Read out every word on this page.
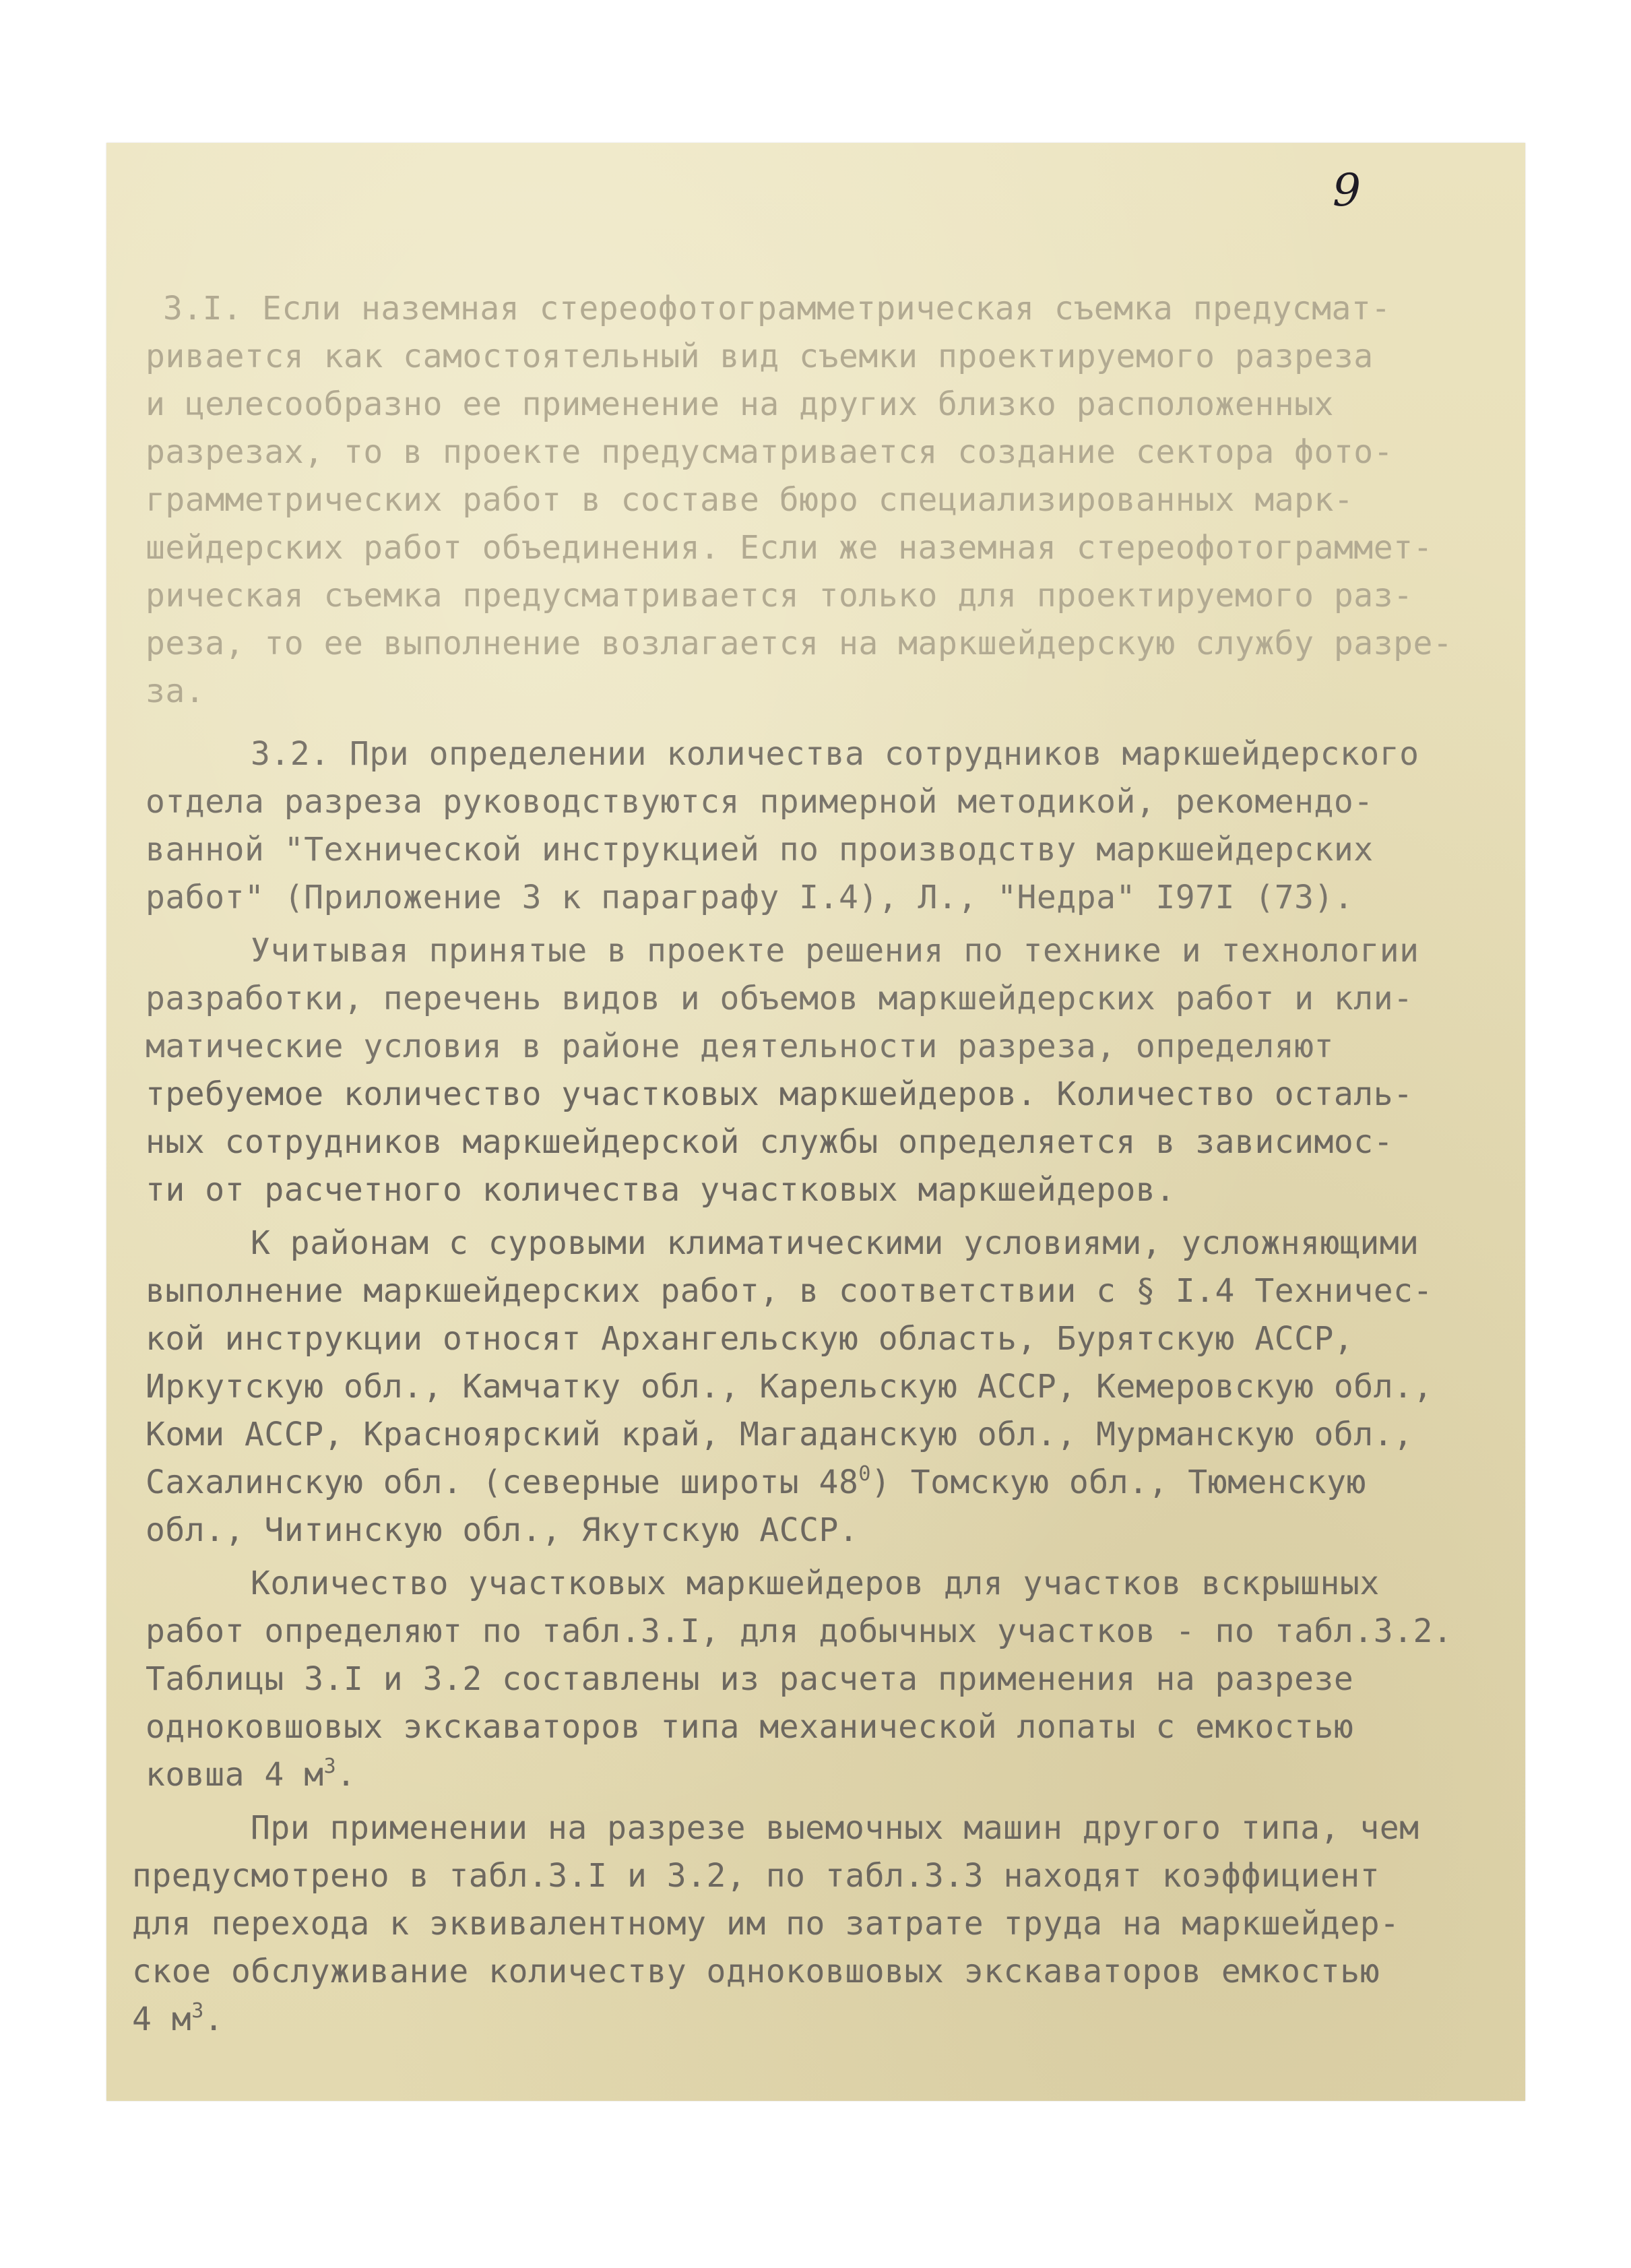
9
3.I. Если наземная стереофотограмметрическая съемка предусмат-
ривается как самостоятельный вид съемки проектируемого разреза
и целесообразно ее применение на других близко расположенных
разрезах, то в проекте предусматривается создание сектора фото-
грамметрических работ в составе бюро специализированных марк-
шейдерских работ объединения. Если же наземная стереофотограммет-
рическая съемка предусматривается только для проектируемого раз-
реза, то ее выполнение возлагается на маркшейдерскую службу разре-
за.
3.2. При определении количества сотрудников маркшейдерского
отдела разреза руководствуются примерной методикой, рекомендо-
ванной "Технической инструкцией по производству маркшейдерских
работ" (Приложение 3 к параграфу I.4), Л., "Недра" I97I (73).
Учитывая принятые в проекте решения по технике и технологии
разработки, перечень видов и объемов маркшейдерских работ и кли-
матические условия в районе деятельности разреза, определяют
требуемое количество участковых маркшейдеров. Количество осталь-
ных сотрудников маркшейдерской службы определяется в зависимос-
ти от расчетного количества участковых маркшейдеров.
К районам с суровыми климатическими условиями, усложняющими
выполнение маркшейдерских работ, в соответствии с § I.4 Техничес-
кой инструкции относят Архангельскую область, Бурятскую АССР,
Иркутскую обл., Камчатку обл., Карельскую АССР, Кемеровскую обл.,
Коми АССР, Красноярский край, Магаданскую обл., Мурманскую обл.,
Сахалинскую обл. (северные широты $48^0$) Томскую обл., Тюменскую
обл., Читинскую обл., Якутскую АССР.
Количество участковых маркшейдеров для участков вскрышных
работ определяют по табл.3.I, для добычных участков - по табл.3.2.
Таблицы 3.I и 3.2 составлены из расчета применения на разрезе
одноковшовых экскаваторов типа механической лопаты с емкостью
ковша 4 $м^3$.
При применении на разрезе выемочных машин другого типа, чем
предусмотрено в табл.3.I и 3.2, по табл.3.3 находят коэффициент
для перехода к эквивалентному им по затрате труда на маркшейдер-
ское обслуживание количеству одноковшовых экскаваторов емкостью
4 $м^3$.
